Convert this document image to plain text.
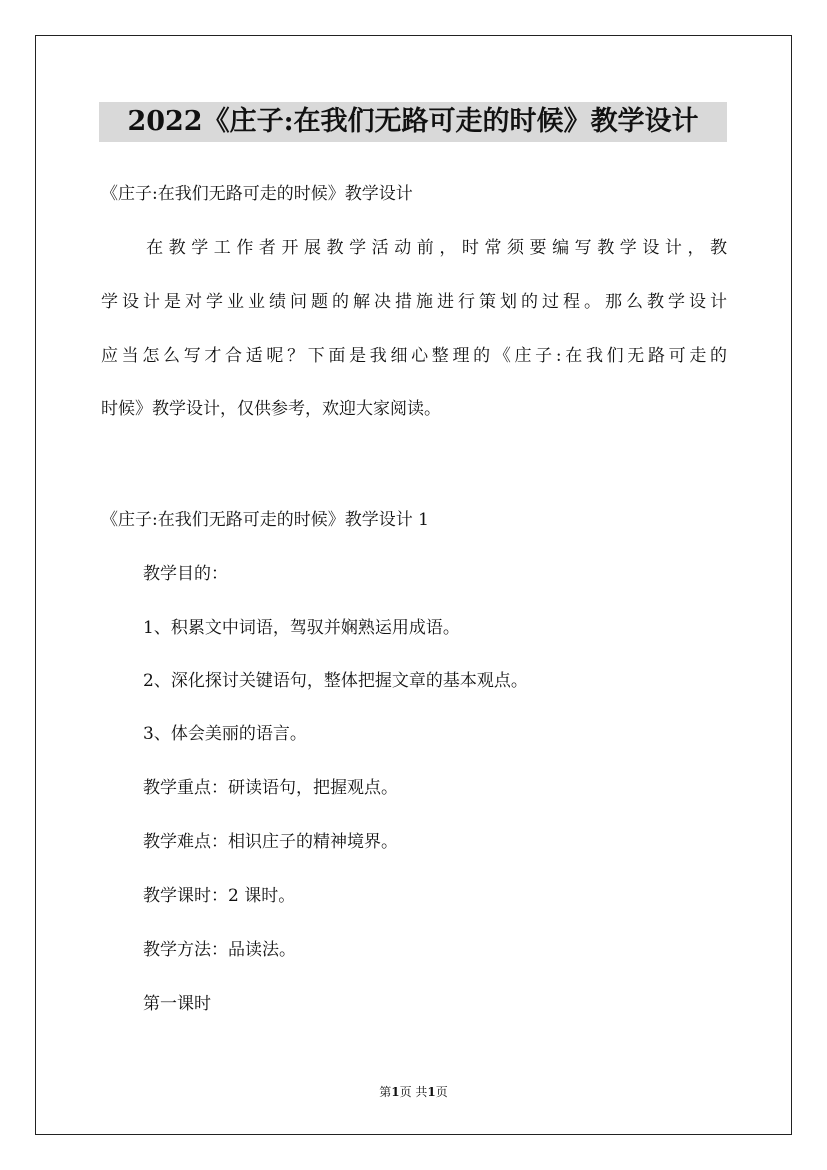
2022《庄子:在我们无路可走的时候》教学设计
《庄子:在我们无路可走的时候》教学设计
　　在教学工作者开展教学活动前，时常须要编写教学设计，教
学设计是对学业业绩问题的解决措施进行策划的过程。那么教学设计
应当怎么写才合适呢？下面是我细心整理的《庄子:在我们无路可走的
时候》教学设计，仅供参考，欢迎大家阅读。
《庄子:在我们无路可走的时候》教学设计 1
教学目的：
1、积累文中词语，驾驭并娴熟运用成语。
2、深化探讨关键语句，整体把握文章的基本观点。
3、体会美丽的语言。
教学重点：研读语句，把握观点。
教学难点：相识庄子的精神境界。
教学课时：2 课时。
教学方法：品读法。
第一课时
第1页 共1页
